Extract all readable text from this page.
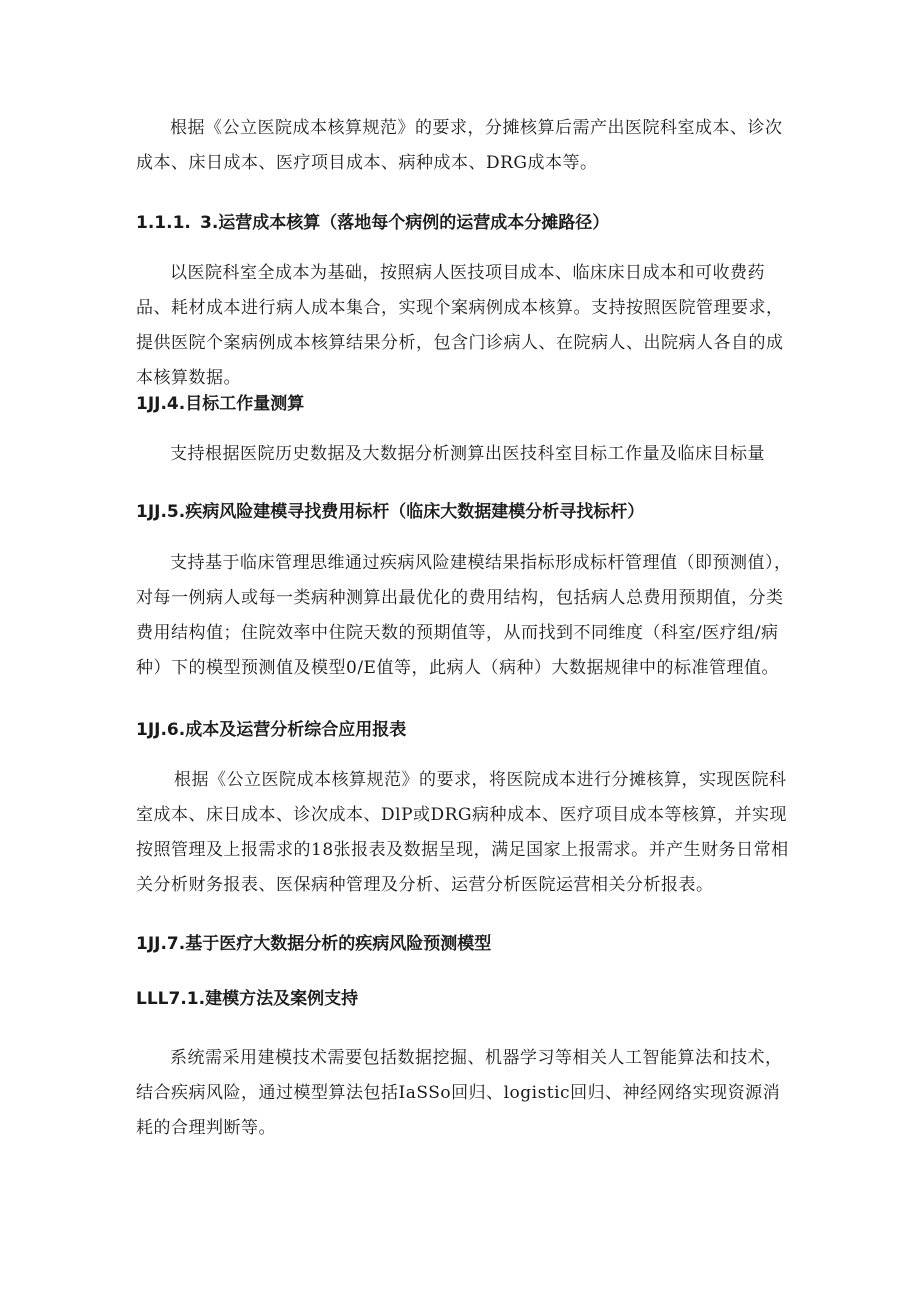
根据《公立医院成本核算规范》的要求，分摊核算后需产出医院科室成本、诊次成本、床日成本、医疗项目成本、病种成本、DRG成本等。

1.1.1. 3.运营成本核算（落地每个病例的运营成本分摊路径）

以医院科室全成本为基础，按照病人医技项目成本、临床床日成本和可收费药品、耗材成本进行病人成本集合，实现个案病例成本核算。支持按照医院管理要求，提供医院个案病例成本核算结果分析，包含门诊病人、在院病人、出院病人各自的成本核算数据。

1JJ.4.目标工作量测算

支持根据医院历史数据及大数据分析测算出医技科室目标工作量及临床目标量

1JJ.5.疾病风险建模寻找费用标杆（临床大数据建模分析寻找标杆）

支持基于临床管理思维通过疾病风险建模结果指标形成标杆管理值（即预测值），对每一例病人或每一类病种测算出最优化的费用结构，包括病人总费用预期值，分类费用结构值；住院效率中住院天数的预期值等，从而找到不同维度（科室/医疗组/病种）下的模型预测值及模型0/E值等，此病人（病种）大数据规律中的标准管理值。

1JJ.6.成本及运营分析综合应用报表

根据《公立医院成本核算规范》的要求，将医院成本进行分摊核算，实现医院科室成本、床日成本、诊次成本、DlP或DRG病种成本、医疗项目成本等核算，并实现按照管理及上报需求的18张报表及数据呈现，满足国家上报需求。并产生财务日常相关分析财务报表、医保病种管理及分析、运营分析医院运营相关分析报表。

1JJ.7.基于医疗大数据分析的疾病风险预测模型
LLL7.1.建模方法及案例支持

系统需采用建模技术需要包括数据挖掘、机器学习等相关人工智能算法和技术，结合疾病风险，通过模型算法包括IaSSo回归、logistic回归、神经网络实现资源消耗的合理判断等。
